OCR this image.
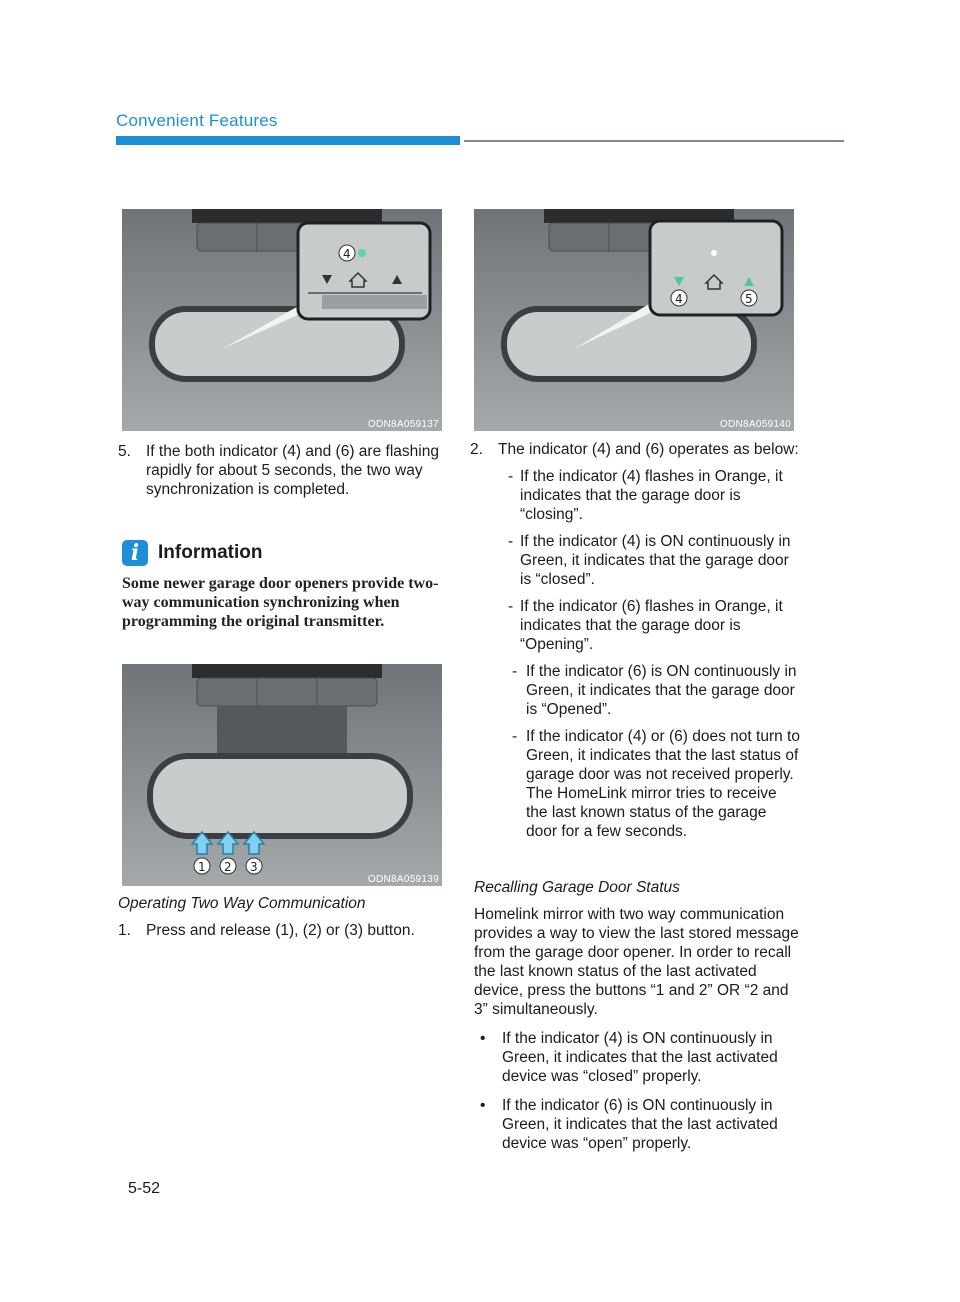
Convenient Features
4
ODN8A059137
4	5
ODN8A059140
1 2 3
ODN8A059139
5. If the both indicator (4) and (6) are flashing rapidly for about 5 seconds, the two way synchronization is completed.
i Information
Some newer garage door openers provide two-way communication synchronizing when programming the original transmitter.
Operating Two Way Communication
1. Press and release (1), (2) or (3) button.
2. The indicator (4) and (6) operates as below:
- If the indicator (4) flashes in Orange, it indicates that the garage door is “closing”.
- If the indicator (4) is ON continuously in Green, it indicates that the garage door is “closed”.
- If the indicator (6) flashes in Orange, it indicates that the garage door is “Opening”.
- If the indicator (6) is ON continuously in Green, it indicates that the garage door is “Opened”.
- If the indicator (4) or (6) does not turn to Green, it indicates that the last status of garage door was not received properly. The HomeLink mirror tries to receive the last known status of the garage door for a few seconds.
Recalling Garage Door Status
Homelink mirror with two way communication provides a way to view the last stored message from the garage door opener. In order to recall the last known status of the last activated device, press the buttons “1 and 2” OR “2 and 3” simultaneously.
• If the indicator (4) is ON continuously in Green, it indicates that the last activated device was “closed” properly.
• If the indicator (6) is ON continuously in Green, it indicates that the last activated device was “open” properly.
5-52
